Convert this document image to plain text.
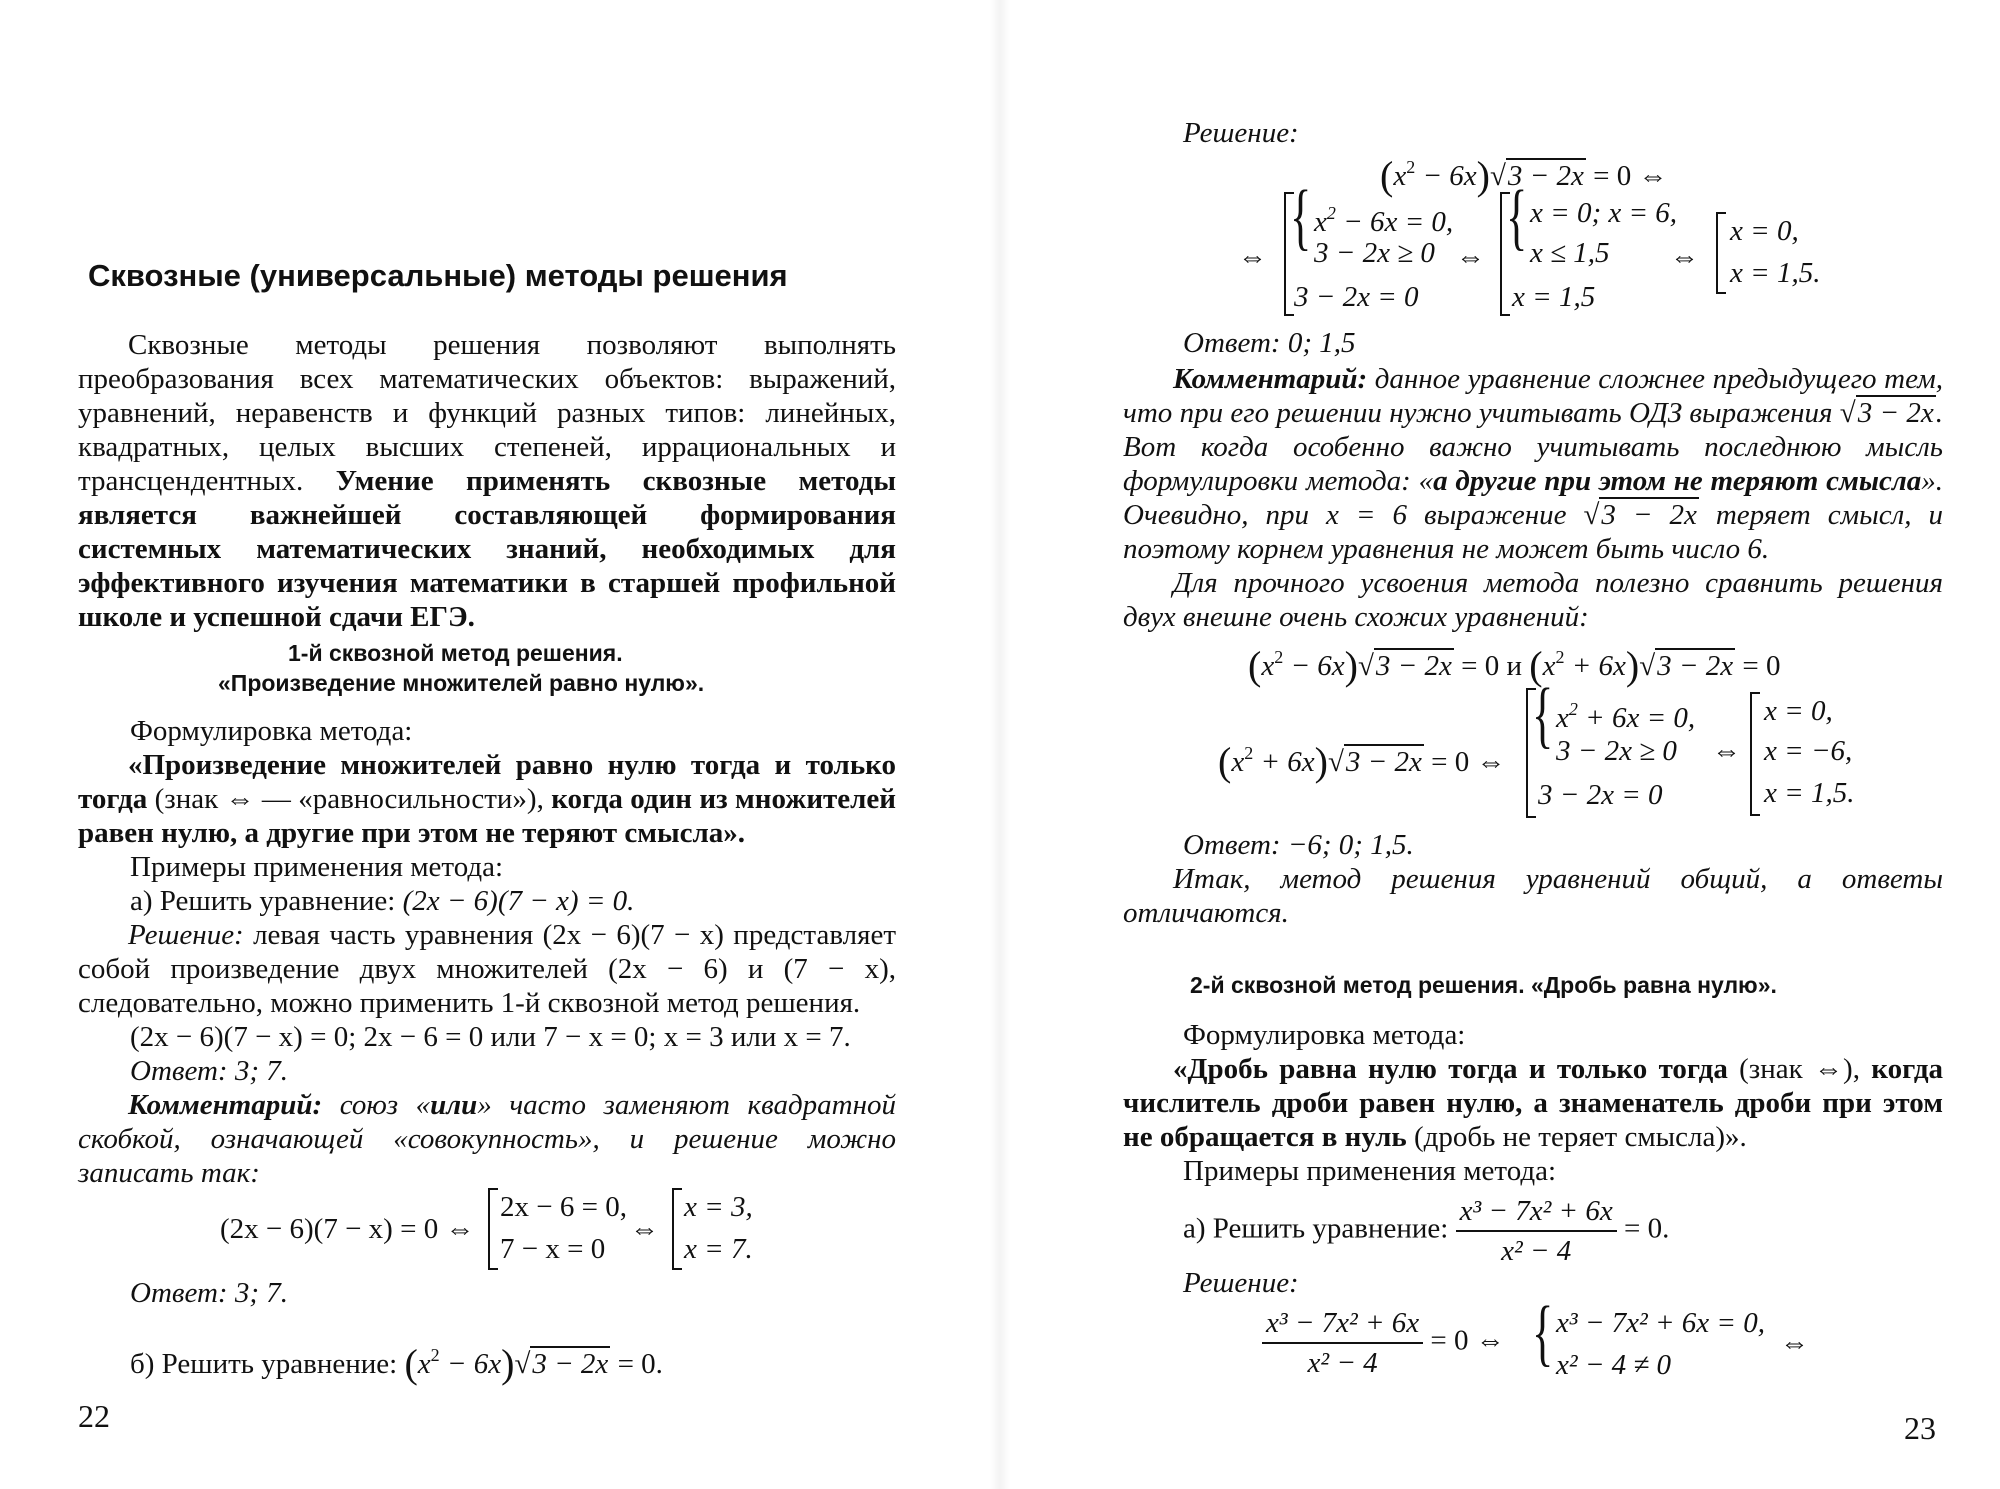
Сквозные (универсальные) методы решения

Сквозные методы решения позволяют выполнять преобразования всех математических объектов: выражений, уравнений, неравенств и функций разных типов: линейных, квадратных, целых высших степеней, иррациональных и трансцендентных. Умение применять сквозные методы является важнейшей составляющей формирования системных математических знаний, необходимых для эффективного изучения математики в старшей профильной школе и успешной сдачи ЕГЭ.

1-й сквозной метод решения.
«Произведение множителей равно нулю».
Формулировка метода:

«Произведение множителей равно нулю тогда и только тогда (знак ⇔ — «равносильности»), когда один из множителей равен нулю, а другие при этом не теряют смысла».

Примеры применения метода:
а) Решить уравнение: (2x − 6)(7 − x) = 0.

Решение: левая часть уравнения (2x − 6)(7 − x) представляет собой произведение двух множителей (2x − 6) и (7 − x), следовательно, можно применить 1-й сквозной метод решения.

(2x − 6)(7 − x) = 0; 2x − 6 = 0 или 7 − x = 0; x = 3 или x = 7.
Ответ: 3; 7.

Комментарий: союз «или» часто заменяют квадратной скобкой, означающей «совокупность», и решение можно записать так:

(2x − 6)(7 − x) = 0 ⇔
2x − 6 = 0,
7 − x = 0
⇔
x = 3,
x = 7.
Ответ: 3; 7.
б) Решить уравнение: $(x^2 - 6x)√3 - 2x = 0$.
22
Решение:
$(x^2 - 6x)√3 - 2x = 0$ ⇔
⇔ { $x^2 - 6x = 0$,
3 − 2x ≥ 0
3 − 2x = 0
⇔ { x = 0; x = 6,
x ≤ 1,5
x = 1,5
⇔
x = 0,
x = 1,5.
Ответ: 0; 1,5

Комментарий: данное уравнение сложнее предыдущего тем, что при его решении нужно учитывать ОДЗ выражения √3 − 2x. Вот когда особенно важно учитывать последнюю мысль формулировки метода: «а другие при этом не теряют смысла». Очевидно, при x = 6 выражение √3 − 2x теряет смысл, и поэтому корнем уравнения не может быть число 6.

Для прочного усвоения метода полезно сравнить решения двух внешне очень схожих уравнений:

$(x^2 - 6x)√3 - 2x = 0$ и $(x^2 + 6x)√3 - 2x = 0$
$(x^2 + 6x)√3 - 2x = 0$ ⇔
{ $x^2 + 6x = 0$,
3 − 2x ≥ 0 ⇔
3 − 2x = 0
x = 0,
x = −6,
x = 1,5.
Ответ: −6; 0; 1,5.

Итак, метод решения уравнений общий, а ответы отличаются.

2-й сквозной метод решения. «Дробь равна нулю».
Формулировка метода:

«Дробь равна нулю тогда и только тогда (знак ⇔), когда числитель дроби равен нулю, а знаменатель дроби при этом не обращается в нуль (дробь не теряет смысла)».

Примеры применения метода:
а) Решить уравнение: $\frac{\text{x³ − 7x² + 6x}}{\text{x² − 4}} = 0$.
Решение:
$\frac{\text{x³ − 7x² + 6x}}{\text{x² − 4}} = 0$ ⇔ { x³ − 7x² + 6x = 0,
x² − 4 ≠ 0
⇔
23
